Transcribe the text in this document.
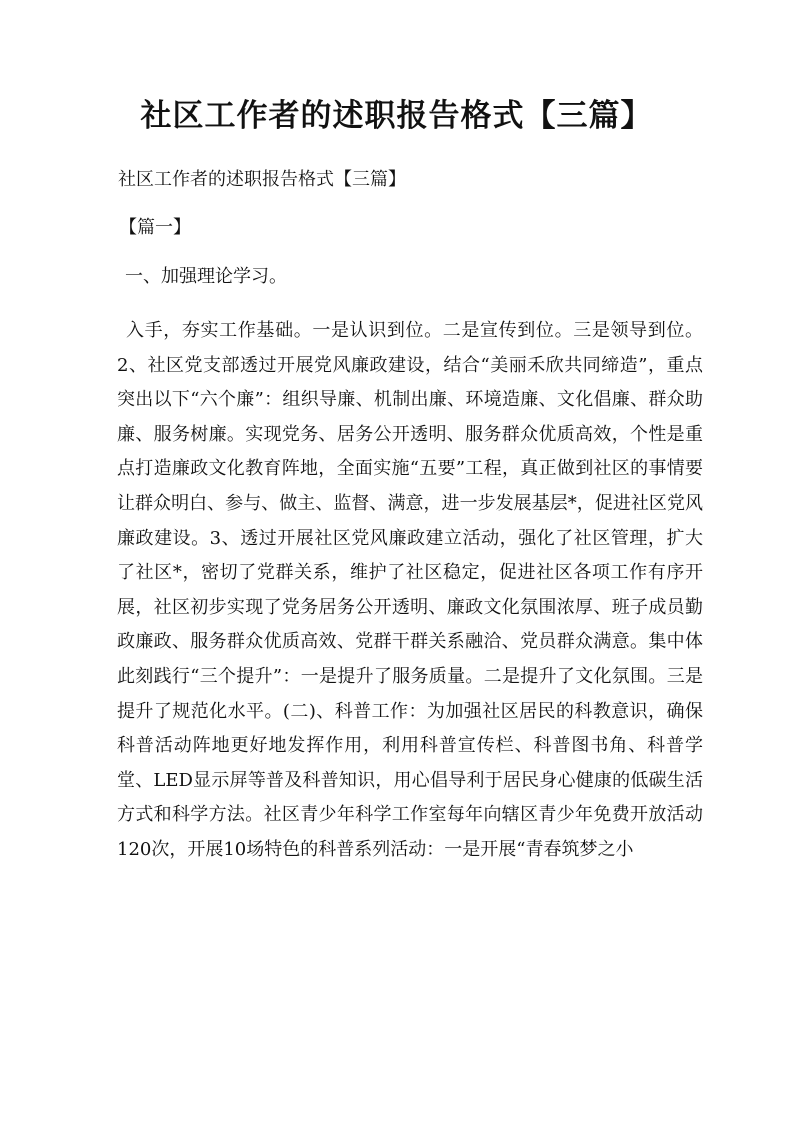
社区工作者的述职报告格式【三篇】
社区工作者的述职报告格式【三篇】
【篇一】
一、加强理论学习。

入手，夯实工作基础。一是认识到位。二是宣传到位。三是领导到位。2、社区党支部透过开展党风廉政建设，结合“美丽禾欣共同缔造”，重点突出以下“六个廉”：组织导廉、机制出廉、环境造廉、文化倡廉、群众助廉、服务树廉。实现党务、居务公开透明、服务群众优质高效，个性是重点打造廉政文化教育阵地，全面实施“五要”工程，真正做到社区的事情要让群众明白、参与、做主、监督、满意，进一步发展基层*，促进社区党风廉政建设。3、透过开展社区党风廉政建立活动，强化了社区管理，扩大了社区*，密切了党群关系，维护了社区稳定，促进社区各项工作有序开展，社区初步实现了党务居务公开透明、廉政文化氛围浓厚、班子成员勤政廉政、服务群众优质高效、党群干群关系融洽、党员群众满意。集中体此刻践行“三个提升”：一是提升了服务质量。二是提升了文化氛围。三是提升了规范化水平。(二)、科普工作：为加强社区居民的科教意识，确保科普活动阵地更好地发挥作用，利用科普宣传栏、科普图书角、科普学堂、LED显示屏等普及科普知识，用心倡导利于居民身心健康的低碳生活方式和科学方法。社区青少年科学工作室每年向辖区青少年免费开放活动120次，开展10场特色的科普系列活动：一是开展“青春筑梦之小
